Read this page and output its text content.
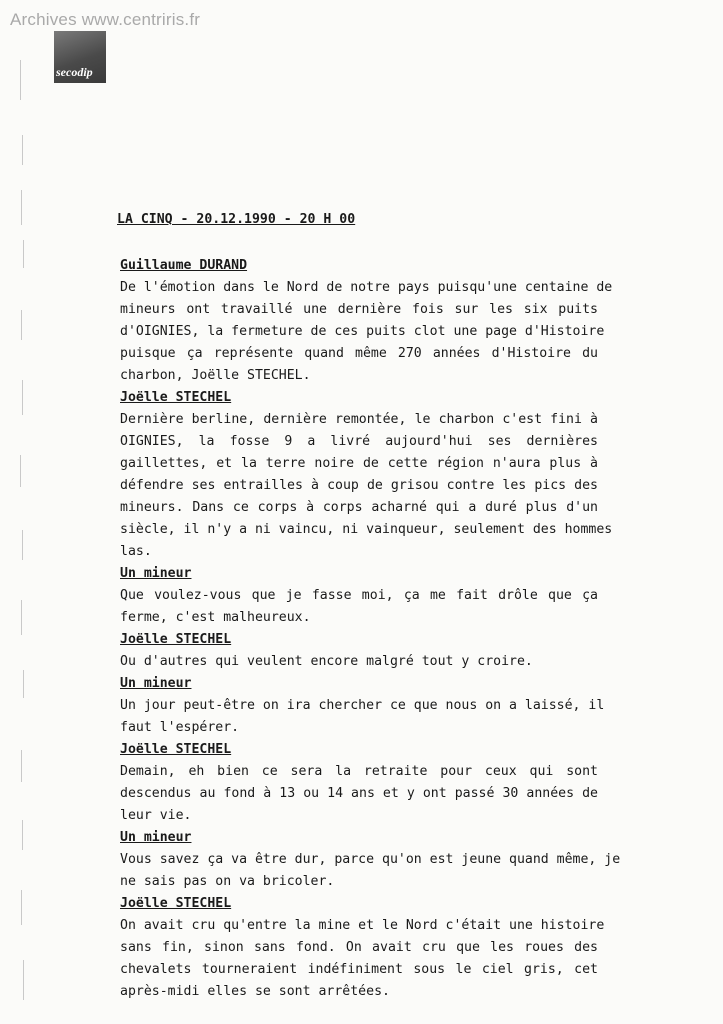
Archives www.centriris.fr
secodip
LA CINQ - 20.12.1990 - 20 H 00
Guillaume DURAND
De l'émotion dans le Nord de notre pays puisqu'une centaine de
mineurs ont travaillé une dernière fois sur les six puits
d'OIGNIES, la fermeture de ces puits clot une page d'Histoire
puisque ça représente quand même 270 années d'Histoire du
charbon, Joëlle STECHEL.
Joëlle STECHEL
Dernière berline, dernière remontée, le charbon c'est fini à
OIGNIES, la fosse 9 a livré aujourd'hui ses dernières
gaillettes, et la terre noire de cette région n'aura plus à
défendre ses entrailles à coup de grisou contre les pics des
mineurs. Dans ce corps à corps acharné qui a duré plus d'un
siècle, il n'y a ni vaincu, ni vainqueur, seulement des hommes
las.
Un mineur
Que voulez-vous que je fasse moi, ça me fait drôle que ça
ferme, c'est malheureux.
Joëlle STECHEL
Ou d'autres qui veulent encore malgré tout y croire.
Un mineur
Un jour peut-être on ira chercher ce que nous on a laissé, il
faut l'espérer.
Joëlle STECHEL
Demain, eh bien ce sera la retraite pour ceux qui sont
descendus au fond à 13 ou 14 ans et y ont passé 30 années de
leur vie.
Un mineur
Vous savez ça va être dur, parce qu'on est jeune quand même, je
ne sais pas on va bricoler.
Joëlle STECHEL
On avait cru qu'entre la mine et le Nord c'était une histoire
sans fin, sinon sans fond. On avait cru que les roues des
chevalets tourneraient indéfiniment sous le ciel gris, cet
après-midi elles se sont arrêtées.
